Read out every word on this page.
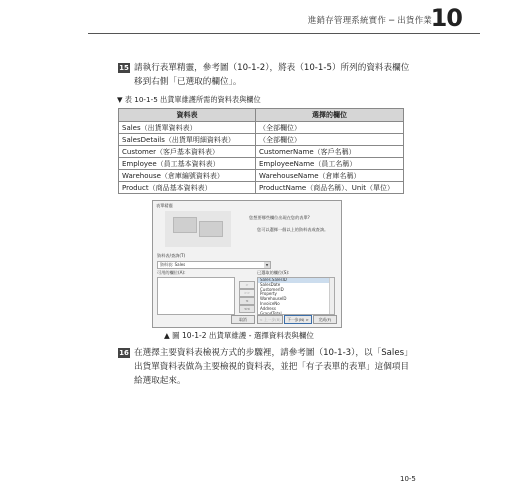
進銷存管理系統實作 ─ 出貨作業
10
15 請執行表單精靈，參考圖（10-1-2），將表（10-1-5）所列的資料表欄位
移到右側「已選取的欄位」。
▼ 表 10-1-5 出貨單維護所需的資料表與欄位
資料表	選擇的欄位
Sales（出貨單資料表）	（全部欄位）
SalesDetails（出貨單明細資料表）	（全部欄位）
Customer（客戶基本資料表）	CustomerName（客戶名稱）
Employee（員工基本資料表）	EmployeeName（員工名稱）
Warehouse（倉庫編號資料表）	WarehouseName（倉庫名稱）
Product（商品基本資料表）	ProductName（商品名稱）、Unit（單位）
表單精靈
您想要哪些欄位出現在您的表單?
您可以選擇一個以上的資料表或查詢。
資料表/查詢(T)
資料表: Sales	▼
可用的欄位(A):	已選取的欄位(S):
>
>>
<
<<
Sales.SalesID
SalesDate
CustomerID
Property
WarehouseID
InvoiceNo
Address
GrandTotal
取消	< 上一步(B)	下一步(N) >	完成(F)
▲ 圖 10-1-2 出貨單維護 - 選擇資料表與欄位
16 在選擇主要資料表檢視方式的步驟裡，請參考圖（10-1-3），以「Sales」
出貨單資料表做為主要檢視的資料表，並把「有子表單的表單」這個項目
給選取起來。
10-5
